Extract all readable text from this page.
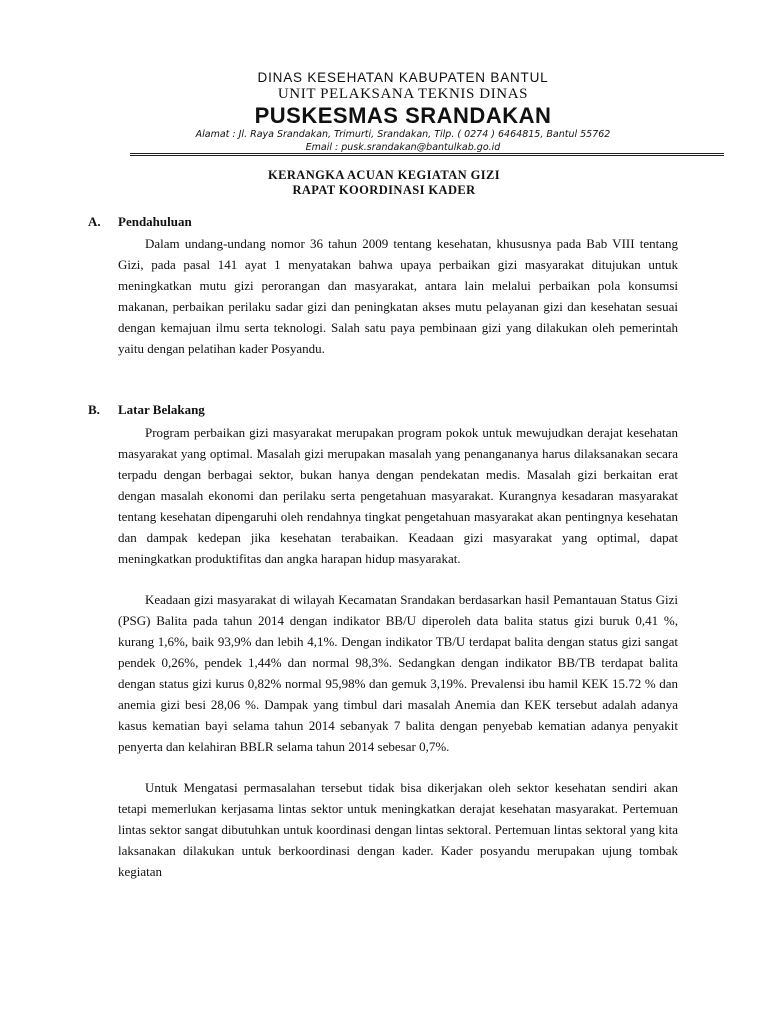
DINAS KESEHATAN KABUPATEN BANTUL
UNIT PELAKSANA TEKNIS DINAS
PUSKESMAS SRANDAKAN
Alamat : Jl. Raya Srandakan, Trimurti, Srandakan, Tilp. ( 0274 ) 6464815, Bantul 55762
Email : pusk.srandakan@bantulkab.go.id
KERANGKA ACUAN KEGIATAN GIZI
RAPAT KOORDINASI KADER
A. Pendahuluan
Dalam undang-undang nomor 36 tahun 2009 tentang kesehatan, khususnya pada Bab VIII tentang Gizi, pada pasal 141 ayat 1 menyatakan bahwa upaya perbaikan gizi masyarakat ditujukan untuk meningkatkan mutu gizi perorangan dan masyarakat, antara lain melalui perbaikan pola konsumsi makanan, perbaikan perilaku sadar gizi dan peningkatan akses mutu pelayanan gizi dan kesehatan sesuai dengan kemajuan ilmu serta teknologi. Salah satu paya pembinaan gizi yang dilakukan oleh pemerintah yaitu dengan pelatihan kader Posyandu.
B. Latar Belakang
Program perbaikan gizi masyarakat merupakan program pokok untuk mewujudkan derajat kesehatan masyarakat yang optimal. Masalah gizi merupakan masalah yang penangananya harus dilaksanakan secara terpadu dengan berbagai sektor, bukan hanya dengan pendekatan medis. Masalah gizi berkaitan erat dengan masalah ekonomi dan perilaku serta pengetahuan masyarakat. Kurangnya kesadaran masyarakat tentang kesehatan dipengaruhi oleh rendahnya tingkat pengetahuan masyarakat akan pentingnya kesehatan dan dampak kedepan jika kesehatan terabaikan. Keadaan gizi masyarakat yang optimal, dapat meningkatkan produktifitas dan angka harapan hidup masyarakat.
Keadaan gizi masyarakat di wilayah Kecamatan Srandakan berdasarkan hasil Pemantauan Status Gizi (PSG) Balita pada tahun 2014 dengan indikator BB/U diperoleh data balita status gizi buruk 0,41 %, kurang 1,6%, baik 93,9% dan lebih 4,1%. Dengan indikator TB/U terdapat balita dengan status gizi sangat pendek 0,26%, pendek 1,44% dan normal 98,3%. Sedangkan dengan indikator BB/TB terdapat balita dengan status gizi kurus 0,82% normal 95,98% dan gemuk 3,19%. Prevalensi ibu hamil KEK 15.72 % dan anemia gizi besi 28,06 %. Dampak yang timbul dari masalah Anemia dan KEK tersebut adalah adanya kasus kematian bayi selama tahun 2014 sebanyak 7 balita dengan penyebab kematian adanya penyakit penyerta dan kelahiran BBLR selama tahun 2014 sebesar 0,7%.
Untuk Mengatasi permasalahan tersebut tidak bisa dikerjakan oleh sektor kesehatan sendiri akan tetapi memerlukan kerjasama lintas sektor untuk meningkatkan derajat kesehatan masyarakat. Pertemuan lintas sektor sangat dibutuhkan untuk koordinasi dengan lintas sektoral. Pertemuan lintas sektoral yang kita laksanakan dilakukan untuk berkoordinasi dengan kader. Kader posyandu merupakan ujung tombak kegiatan
